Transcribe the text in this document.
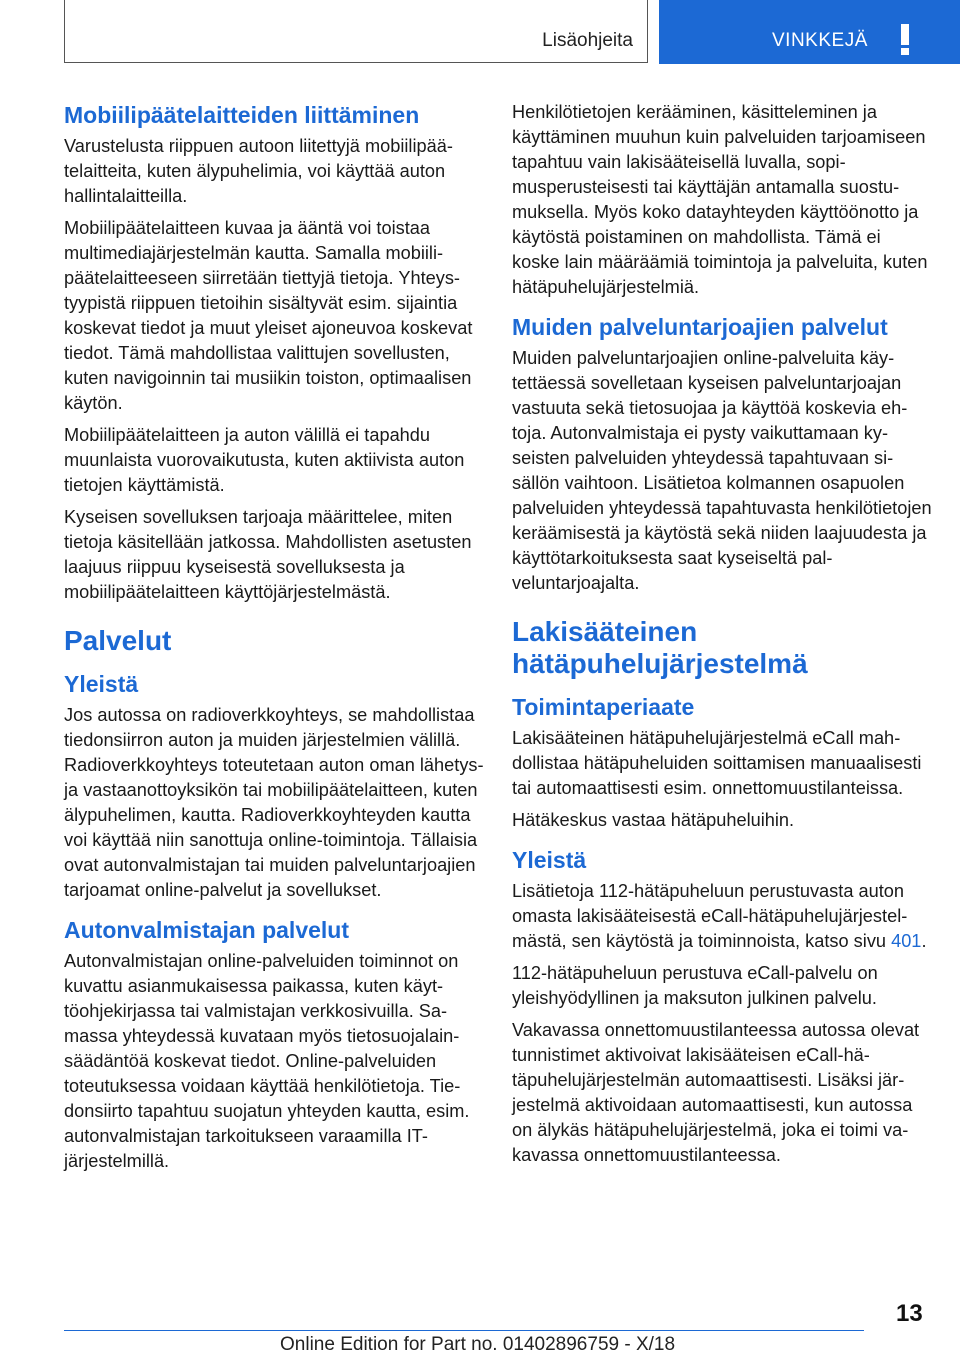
Lisäohjeita	VINKKEJÄ
Mobiilipäätelaitteiden liittäminen

Varustelusta riippuen autoon liitettyjä mobiilipäätelaitteita, kuten älypuhelimia, voi käyttää auton hallintalaitteilla.

Mobiilipäätelaitteen kuvaa ja ääntä voi toistaa multimediajärjestelmän kautta. Samalla mobiilipäätelaitteeseen siirretään tiettyjä tietoja. Yhteystyypistä riippuen tietoihin sisältyvät esim. sijaintia koskevat tiedot ja muut yleiset ajoneuvoa koskevat tiedot. Tämä mahdollistaa valittujen sovellusten, kuten navigoinnin tai musiikin toiston, optimaalisen käytön.

Mobiilipäätelaitteen ja auton välillä ei tapahdu muunlaista vuorovaikutusta, kuten aktiivista auton tietojen käyttämistä.

Kyseisen sovelluksen tarjoaja määrittelee, miten tietoja käsitellään jatkossa. Mahdollisten asetusten laajuus riippuu kyseisestä sovelluksesta ja mobiilipäätelaitteen käyttöjärjestelmästä.

Palvelut
Yleistä

Jos autossa on radioverkkoyhteys, se mahdollistaa tiedonsiirron auton ja muiden järjestelmien välillä. Radioverkkoyhteys toteutetaan auton oman lähetys- ja vastaanottoyksikön tai mobiilipäätelaitteen, kuten älypuhelimen, kautta. Radioverkkoyhteyden kautta voi käyttää niin sanottuja online-toimintoja. Tällaisia ovat autonvalmistajan tai muiden palveluntarjoajien tarjoamat online-palvelut ja sovellukset.

Autonvalmistajan palvelut

Autonvalmistajan online-palveluiden toiminnot on kuvattu asianmukaisessa paikassa, kuten käyttöohjekirjassa tai valmistajan verkkosivuilla. Samassa yhteydessä kuvataan myös tietosuojalainsäädäntöä koskevat tiedot. Online-palveluiden toteutuksessa voidaan käyttää henkilötietoja. Tiedonsiirto tapahtuu suojatun yhteyden kautta, esim. autonvalmistajan tarkoitukseen varaamilla IT-järjestelmillä.

Henkilötietojen kerääminen, käsitteleminen ja käyttäminen muuhun kuin palveluiden tarjoamiseen tapahtuu vain lakisääteisellä luvalla, sopimusperusteisesti tai käyttäjän antamalla suostumuksella. Myös koko datayhteyden käyttöönotto ja käytöstä poistaminen on mahdollista. Tämä ei koske lain määräämiä toimintoja ja palveluita, kuten hätäpuhelujärjestelmiä.

Muiden palveluntarjoajien palvelut

Muiden palveluntarjoajien online-palveluita käytettäessä sovelletaan kyseisen palveluntarjoajan vastuuta sekä tietosuojaa ja käyttöä koskevia ehtoja. Autonvalmistaja ei pysty vaikuttamaan kyseisten palveluiden yhteydessä tapahtuvaan sisällön vaihtoon. Lisätietoa kolmannen osapuolen palveluiden yhteydessä tapahtuvasta henkilötietojen keräämisestä ja käytöstä sekä niiden laajuudesta ja käyttötarkoituksesta saat kyseiseltä palveluntarjoajalta.

Lakisääteinen
hätäpuhelujärjestelmä
Toimintaperiaate

Lakisääteinen hätäpuhelujärjestelmä eCall mahdollistaa hätäpuheluiden soittamisen manuaalisesti tai automaattisesti esim. onnettomuustilanteissa.

Hätäkeskus vastaa hätäpuheluihin.

Yleistä

Lisätietoja 112-hätäpuheluun perustuvasta auton omasta lakisääteisestä eCall-hätäpuhelujärjestelmästä, sen käytöstä ja toiminnoista, katso sivu 401.

112-hätäpuheluun perustuva eCall-palvelu on yleishyödyllinen ja maksuton julkinen palvelu.

Vakavassa onnettomuustilanteessa autossa olevat tunnistimet aktivoivat lakisääteisen eCall-hätäpuhelujärjestelmän automaattisesti. Lisäksi järjestelmä aktivoidaan automaattisesti, kun autossa on älykäs hätäpuhelujärjestelmä, joka ei toimi vakavassa onnettomuustilanteessa.

13
Online Edition for Part no. 01402896759 - X/18
